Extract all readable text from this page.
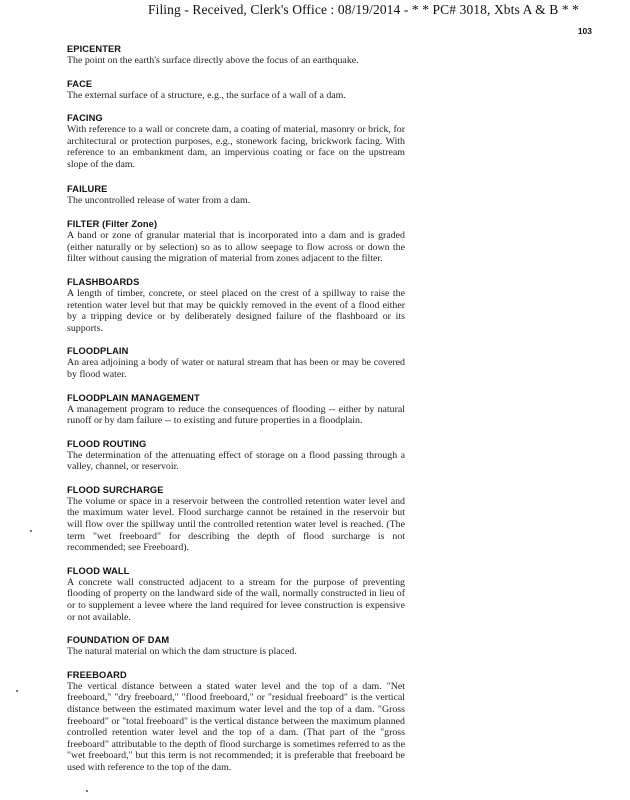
Filing - Received, Clerk's Office : 08/19/2014 - * * PC# 3018, Xbts A & B * *
103
EPICENTER
The point on the earth's surface directly above the focus of an earthquake.
FACE
The external surface of a structure, e.g., the surface of a wall of a dam.
FACING
With reference to a wall or concrete dam, a coating of material, masonry or brick, for architectural or protection purposes, e.g., stonework facing, brickwork facing. With reference to an embankment dam, an impervious coating or face on the upstream slope of the dam.
FAILURE
The uncontrolled release of water from a dam.
FILTER (Filter Zone)
A band or zone of granular material that is incorporated into a dam and is graded (either naturally or by selection) so as to allow seepage to flow across or down the filter without causing the migration of material from zones adjacent to the filter.
FLASHBOARDS
A length of timber, concrete, or steel placed on the crest of a spillway to raise the retention water level but that may be quickly removed in the event of a flood either by a tripping device or by deliberately designed failure of the flashboard or its supports.
FLOODPLAIN
An area adjoining a body of water or natural stream that has been or may be covered by flood water.
FLOODPLAIN MANAGEMENT
A management program to reduce the consequences of flooding -- either by natural runoff or by dam failure -- to existing and future properties in a floodplain.
FLOOD ROUTING
The determination of the attenuating effect of storage on a flood passing through a valley, channel, or reservoir.
FLOOD SURCHARGE
The volume or space in a reservoir between the controlled retention water level and the maximum water level. Flood surcharge cannot be retained in the reservoir but will flow over the spillway until the controlled retention water level is reached. (The term "wet freeboard" for describing the depth of flood surcharge is not recommended; see Freeboard).
FLOOD WALL
A concrete wall constructed adjacent to a stream for the purpose of preventing flooding of property on the landward side of the wall, normally constructed in lieu of or to supplement a levee where the land required for levee construction is expensive or not available.
FOUNDATION OF DAM
The natural material on which the dam structure is placed.
FREEBOARD
The vertical distance between a stated water level and the top of a dam. "Net freeboard," "dry freeboard," "flood freeboard," or "residual freeboard" is the vertical distance between the estimated maximum water level and the top of a dam. "Gross freeboard" or "total freeboard" is the vertical distance between the maximum planned controlled retention water level and the top of a dam. (That part of the "gross freeboard" attributable to the depth of flood surcharge is sometimes referred to as the "wet freeboard," but this term is not recommended; it is preferable that freeboard be used with reference to the top of the dam.
